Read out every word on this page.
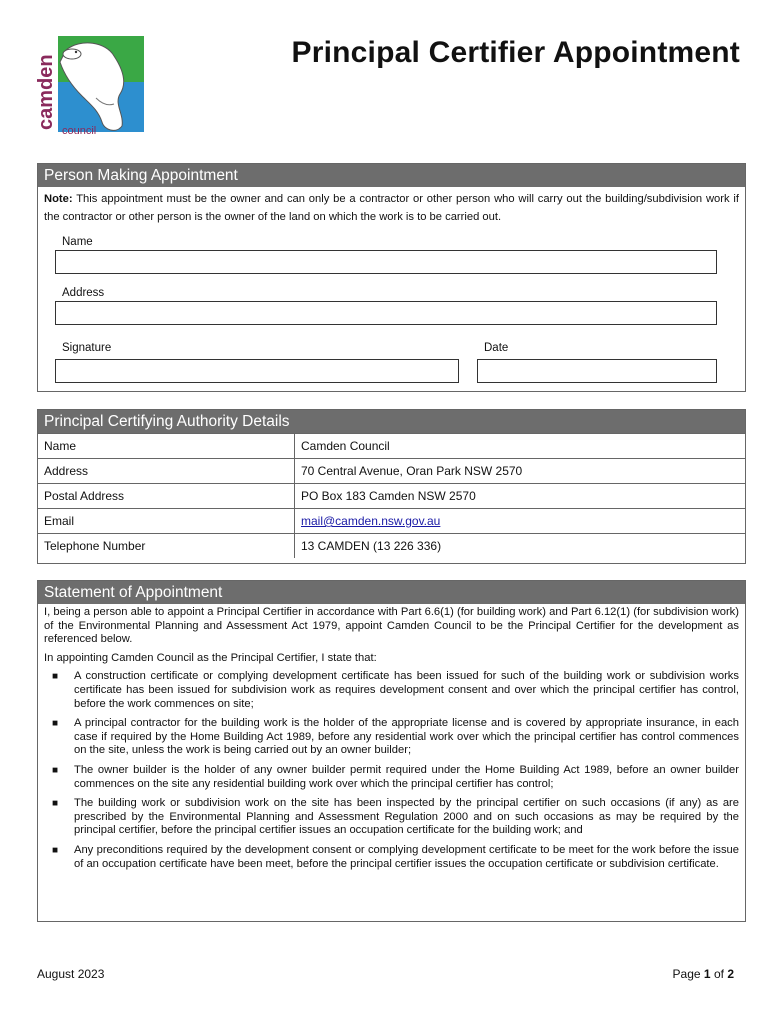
camden
council
Principal Certifier Appointment
Person Making Appointment
Note: This appointment must be the owner and can only be a contractor or other person who will carry out the building/subdivision work if the contractor or other person is the owner of the land on which the work is to be carried out.
Name
Address
Signature	Date
Principal Certifying Authority Details
Name	Camden Council
Address	70 Central Avenue, Oran Park NSW 2570
Postal Address	PO Box 183 Camden NSW 2570
Email	mail@camden.nsw.gov.au
Telephone Number	13 CAMDEN (13 226 336)
Statement of Appointment

I, being a person able to appoint a Principal Certifier in accordance with Part 6.6(1) (for building work) and Part 6.12(1) (for subdivision work) of the Environmental Planning and Assessment Act 1979, appoint Camden Council to be the Principal Certifier for the development as referenced below.

In appointing Camden Council as the Principal Certifier, I state that:

■ A construction certificate or complying development certificate has been issued for such of the building work or subdivision works certificate has been issued for subdivision work as requires development consent and over which the principal certifier has control, before the work commences on site;
■ A principal contractor for the building work is the holder of the appropriate license and is covered by appropriate insurance, in each case if required by the Home Building Act 1989, before any residential work over which the principal certifier has control commences on the site, unless the work is being carried out by an owner builder;
■ The owner builder is the holder of any owner builder permit required under the Home Building Act 1989, before an owner builder commences on the site any residential building work over which the principal certifier has control;
■ The building work or subdivision work on the site has been inspected by the principal certifier on such occasions (if any) as are prescribed by the Environmental Planning and Assessment Regulation 2000 and on such occasions as may be required by the principal certifier, before the principal certifier issues an occupation certificate for the building work; and
■ Any preconditions required by the development consent or complying development certificate to be meet for the work before the issue of an occupation certificate have been meet, before the principal certifier issues the occupation certificate or subdivision certificate.
August 2023	Page 1 of 2
